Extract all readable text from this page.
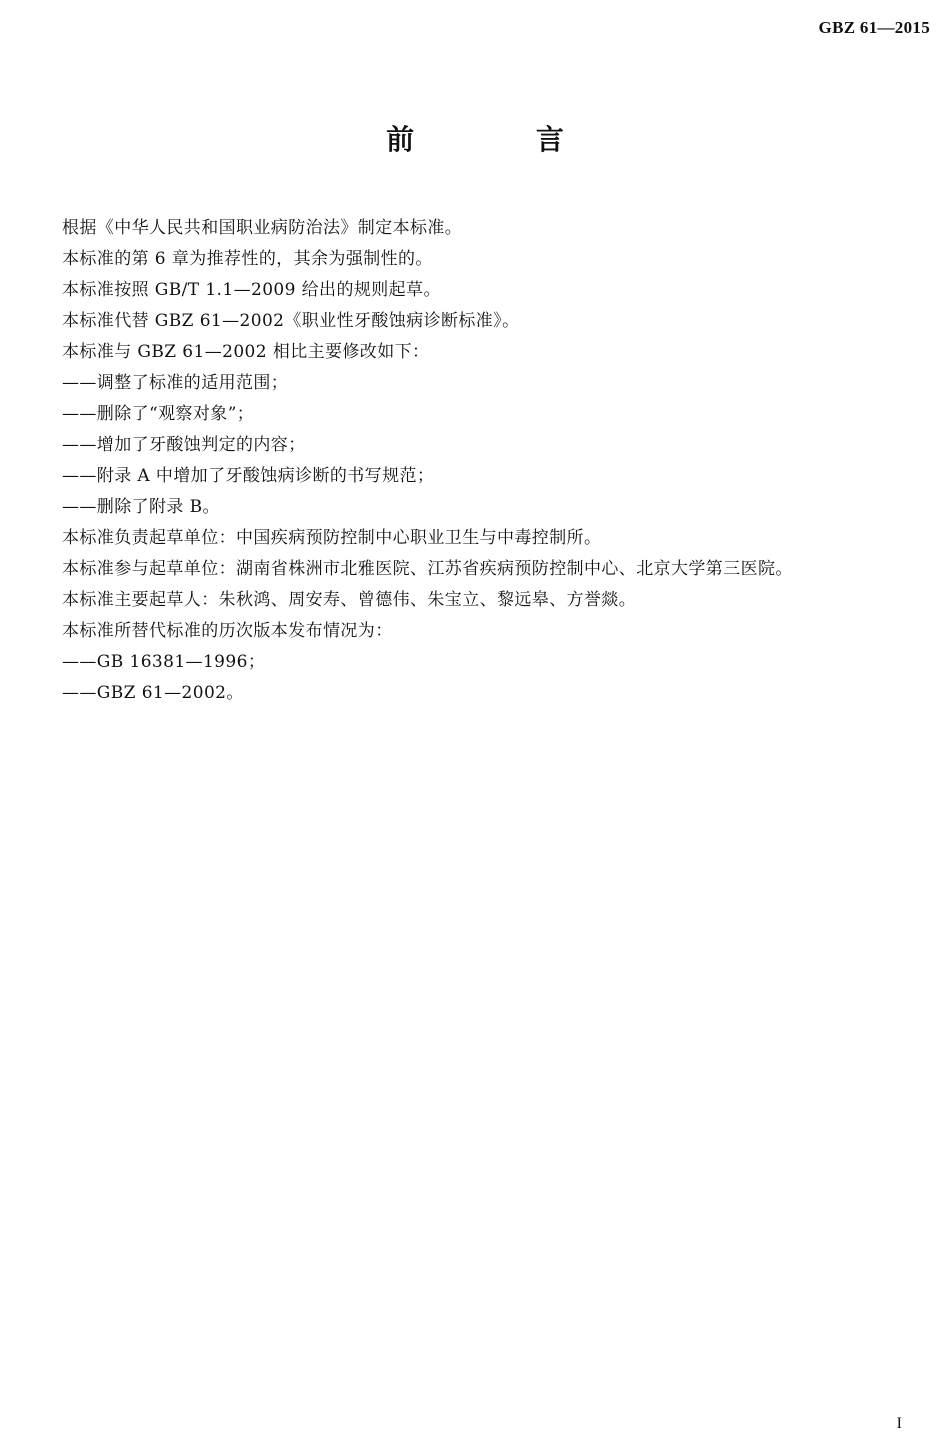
GBZ 61—2015
前 言
根据《中华人民共和国职业病防治法》制定本标准。
本标准的第 6 章为推荐性的，其余为强制性的。
本标准按照 GB/T 1.1—2009 给出的规则起草。
本标准代替 GBZ 61—2002《职业性牙酸蚀病诊断标准》。
本标准与 GBZ 61—2002 相比主要修改如下：
——调整了标准的适用范围；
——删除了“观察对象”；
——增加了牙酸蚀判定的内容；
——附录 A 中增加了牙酸蚀病诊断的书写规范；
——删除了附录 B。
本标准负责起草单位：中国疾病预防控制中心职业卫生与中毒控制所。
本标准参与起草单位：湖南省株洲市北雅医院、江苏省疾病预防控制中心、北京大学第三医院。
本标准主要起草人：朱秋鸿、周安寿、曾德伟、朱宝立、黎远皋、方誉燚。
本标准所替代标准的历次版本发布情况为：
——GB 16381—1996；
——GBZ 61—2002。
I
